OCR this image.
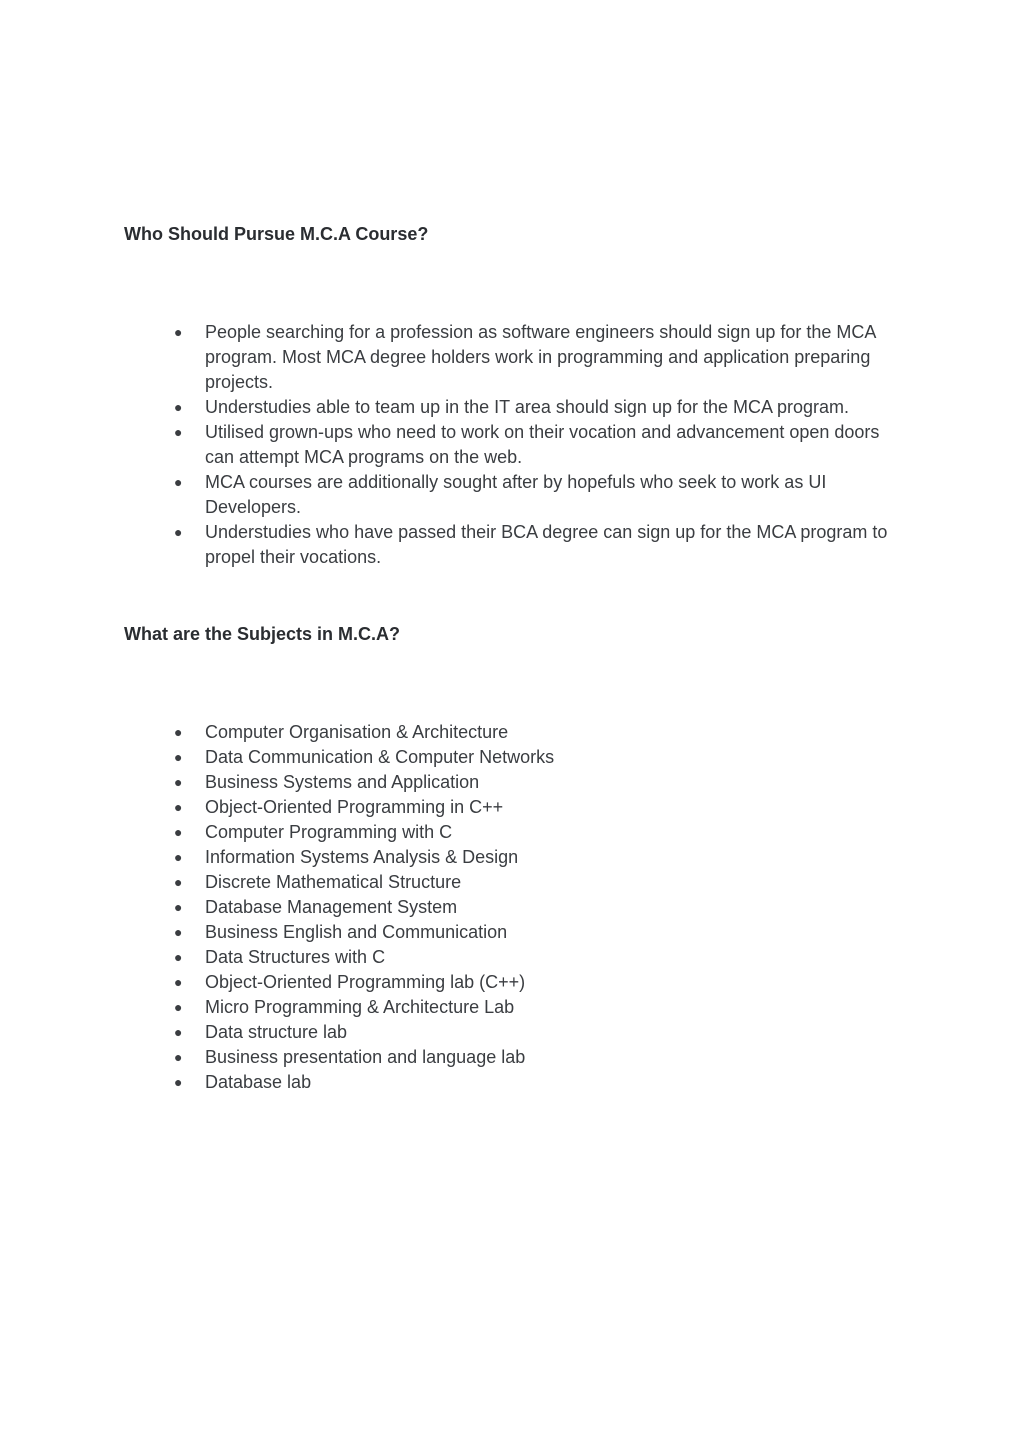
Who Should Pursue M.C.A Course?
● People searching for a profession as software engineers should sign up for the MCA program. Most MCA degree holders work in programming and application preparing projects.
● Understudies able to team up in the IT area should sign up for the MCA program.
● Utilised grown-ups who need to work on their vocation and advancement open doors can attempt MCA programs on the web.
● MCA courses are additionally sought after by hopefuls who seek to work as UI Developers.
● Understudies who have passed their BCA degree can sign up for the MCA program to propel their vocations.
What are the Subjects in M.C.A?
● Computer Organisation & Architecture
● Data Communication & Computer Networks
● Business Systems and Application
● Object-Oriented Programming in C++
● Computer Programming with C
● Information Systems Analysis & Design
● Discrete Mathematical Structure
● Database Management System
● Business English and Communication
● Data Structures with C
● Object-Oriented Programming lab (C++)
● Micro Programming & Architecture Lab
● Data structure lab
● Business presentation and language lab
● Database lab
